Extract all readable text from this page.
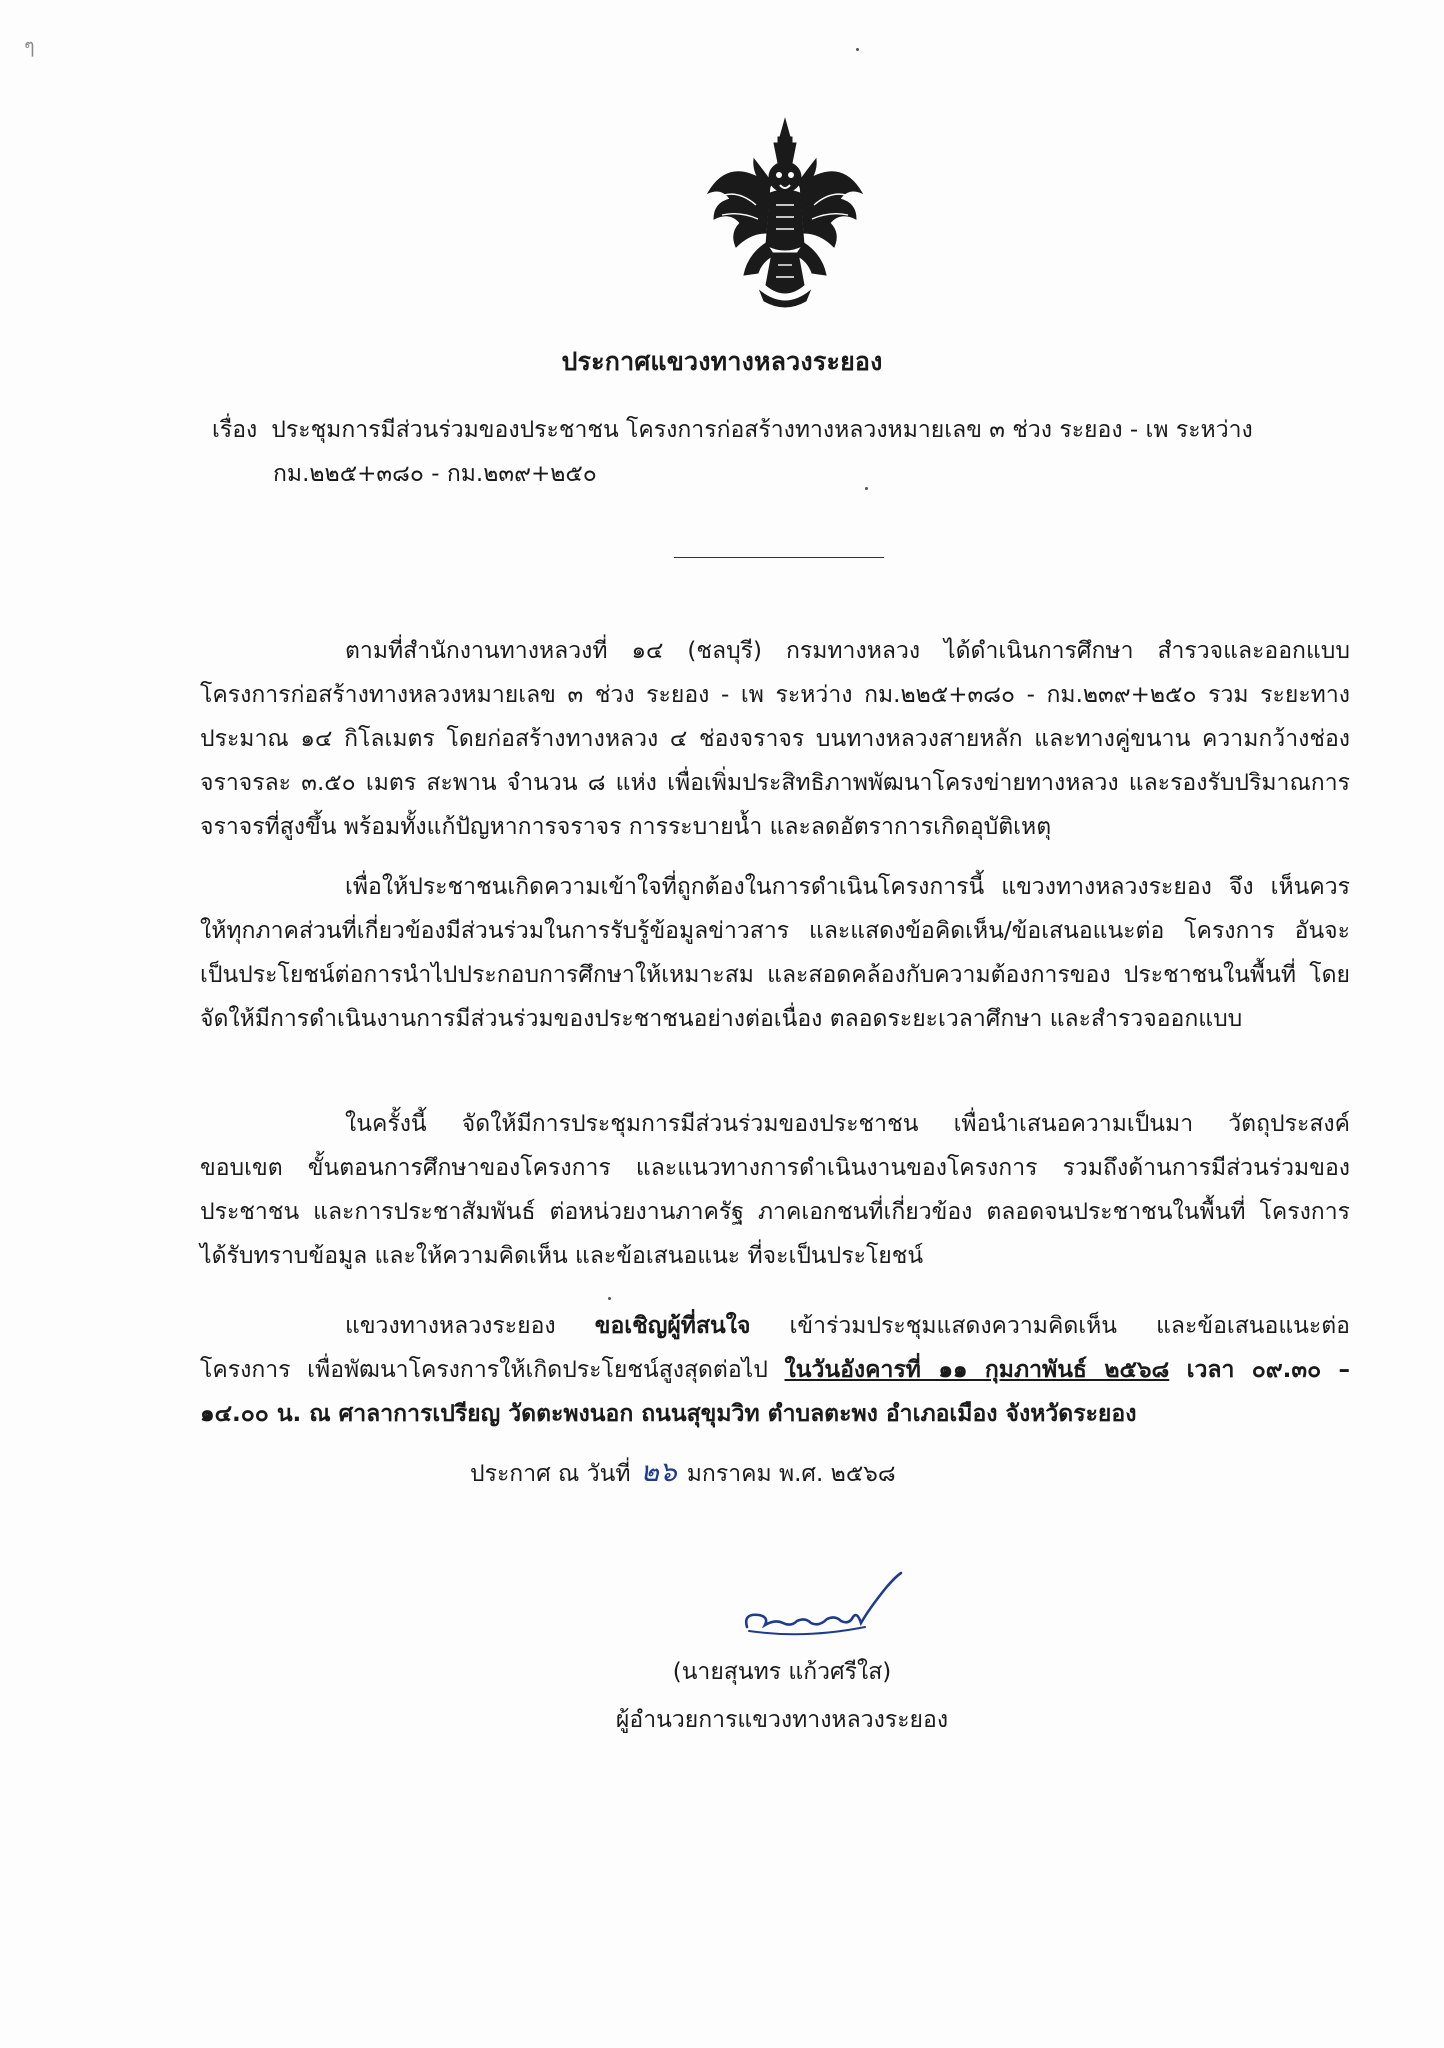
ๆ
ประกาศแขวงทางหลวงระยอง
เรื่อง ประชุมการมีส่วนร่วมของประชาชน โครงการก่อสร้างทางหลวงหมายเลข ๓ ช่วง ระยอง - เพ ระหว่าง
กม.๒๒๕+๓๘๐ - กม.๒๓๙+๒๕๐
ตามที่สำนักงานทางหลวงที่ ๑๔ (ชลบุรี) กรมทางหลวง ได้ดำเนินการศึกษา สำรวจและออกแบบ โครงการก่อสร้างทางหลวงหมายเลข ๓ ช่วง ระยอง - เพ ระหว่าง กม.๒๒๕+๓๘๐ - กม.๒๓๙+๒๕๐ รวม ระยะทางประมาณ ๑๔ กิโลเมตร โดยก่อสร้างทางหลวง ๔ ช่องจราจร บนทางหลวงสายหลัก และทางคู่ขนาน ความกว้างช่องจราจรละ ๓.๕๐ เมตร สะพาน จำนวน ๘ แห่ง เพื่อเพิ่มประสิทธิภาพพัฒนาโครงข่ายทางหลวง และรองรับปริมาณการจราจรที่สูงขึ้น พร้อมทั้งแก้ปัญหาการจราจร การระบายน้ำ และลดอัตราการเกิดอุบัติเหตุ
เพื่อให้ประชาชนเกิดความเข้าใจที่ถูกต้องในการดำเนินโครงการนี้ แขวงทางหลวงระยอง จึง เห็นควร ให้ทุกภาคส่วนที่เกี่ยวข้องมีส่วนร่วมในการรับรู้ข้อมูลข่าวสาร และแสดงข้อคิดเห็น/ข้อเสนอแนะต่อ โครงการ อันจะเป็นประโยชน์ต่อการนำไปประกอบการศึกษาให้เหมาะสม และสอดคล้องกับความต้องการของ ประชาชนในพื้นที่ โดยจัดให้มีการดำเนินงานการมีส่วนร่วมของประชาชนอย่างต่อเนื่อง ตลอดระยะเวลาศึกษา และสำรวจออกแบบ
ในครั้งนี้ จัดให้มีการประชุมการมีส่วนร่วมของประชาชน เพื่อนำเสนอความเป็นมา วัตถุประสงค์ ขอบเขต ขั้นตอนการศึกษาของโครงการ และแนวทางการดำเนินงานของโครงการ รวมถึงด้านการมีส่วนร่วมของ ประชาชน และการประชาสัมพันธ์ ต่อหน่วยงานภาครัฐ ภาคเอกชนที่เกี่ยวข้อง ตลอดจนประชาชนในพื้นที่ โครงการ ได้รับทราบข้อมูล และให้ความคิดเห็น และข้อเสนอแนะ ที่จะเป็นประโยชน์
แขวงทางหลวงระยอง ขอเชิญผู้ที่สนใจ เข้าร่วมประชุมแสดงความคิดเห็น และข้อเสนอแนะต่อ โครงการ เพื่อพัฒนาโครงการให้เกิดประโยชน์สูงสุดต่อไป ในวันอังคารที่ ๑๑ กุมภาพันธ์ ๒๕๖๘ เวลา ๐๙.๓๐ – ๑๔.๐๐ น. ณ ศาลาการเปรียญ วัดตะพงนอก ถนนสุขุมวิท ตำบลตะพง อำเภอเมือง จังหวัดระยอง
ประกาศ ณ วันที่ ๒๖ มกราคม พ.ศ. ๒๕๖๘
(นายสุนทร แก้วศรีใส)
ผู้อำนวยการแขวงทางหลวงระยอง
